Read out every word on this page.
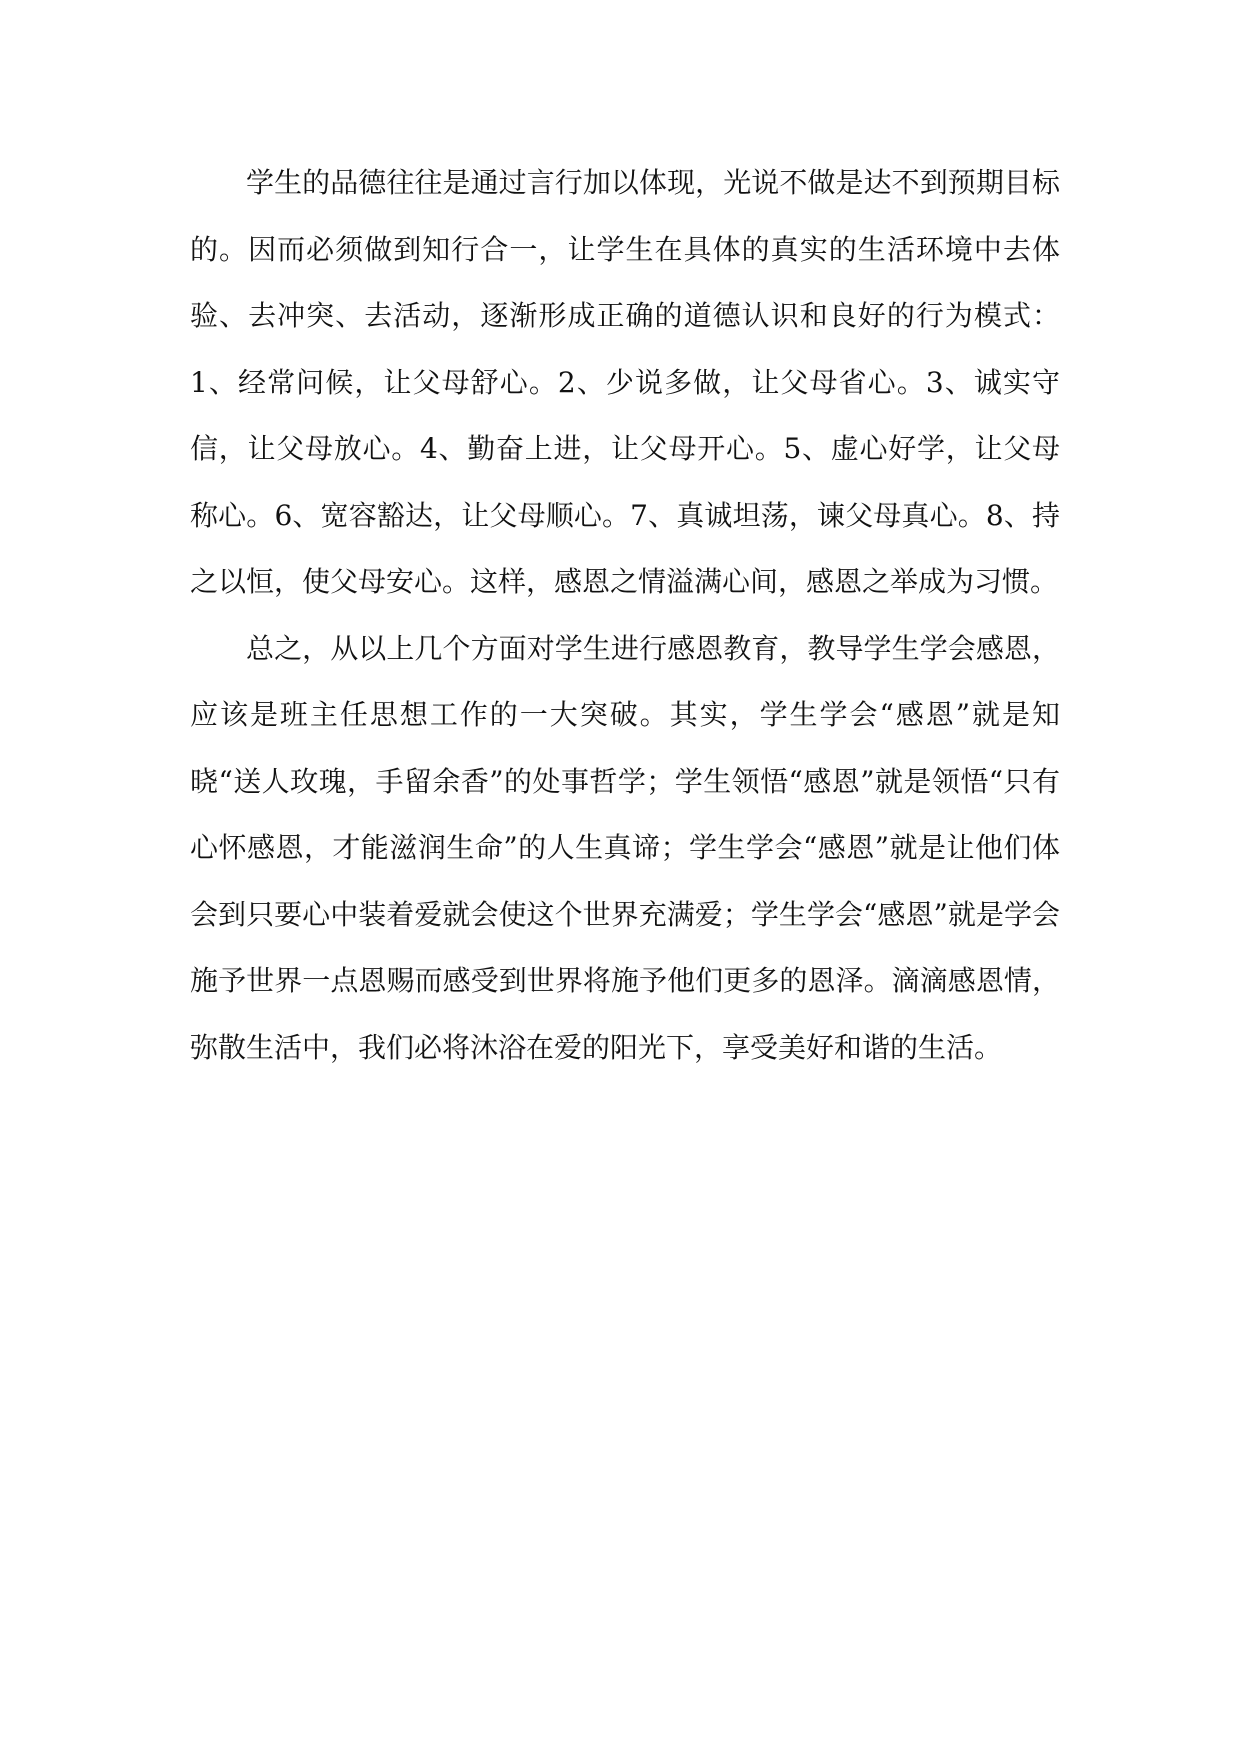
学生的品德往往是通过言行加以体现，光说不做是达不到预期目标的。因而必须做到知行合一，让学生在具体的真实的生活环境中去体验、去冲突、去活动，逐渐形成正确的道德认识和良好的行为模式：1、经常问候，让父母舒心。2、少说多做，让父母省心。3、诚实守信，让父母放心。4、勤奋上进，让父母开心。5、虚心好学，让父母称心。6、宽容豁达，让父母顺心。7、真诚坦荡，谏父母真心。8、持之以恒，使父母安心。这样，感恩之情溢满心间，感恩之举成为习惯。

总之，从以上几个方面对学生进行感恩教育，教导学生学会感恩，应该是班主任思想工作的一大突破。其实，学生学会“感恩”就是知晓“送人玫瑰，手留余香”的处事哲学；学生领悟“感恩”就是领悟“只有心怀感恩，才能滋润生命”的人生真谛；学生学会“感恩”就是让他们体会到只要心中装着爱就会使这个世界充满爱；学生学会“感恩”就是学会施予世界一点恩赐而感受到世界将施予他们更多的恩泽。滴滴感恩情，弥散生活中，我们必将沐浴在爱的阳光下，享受美好和谐的生活。
